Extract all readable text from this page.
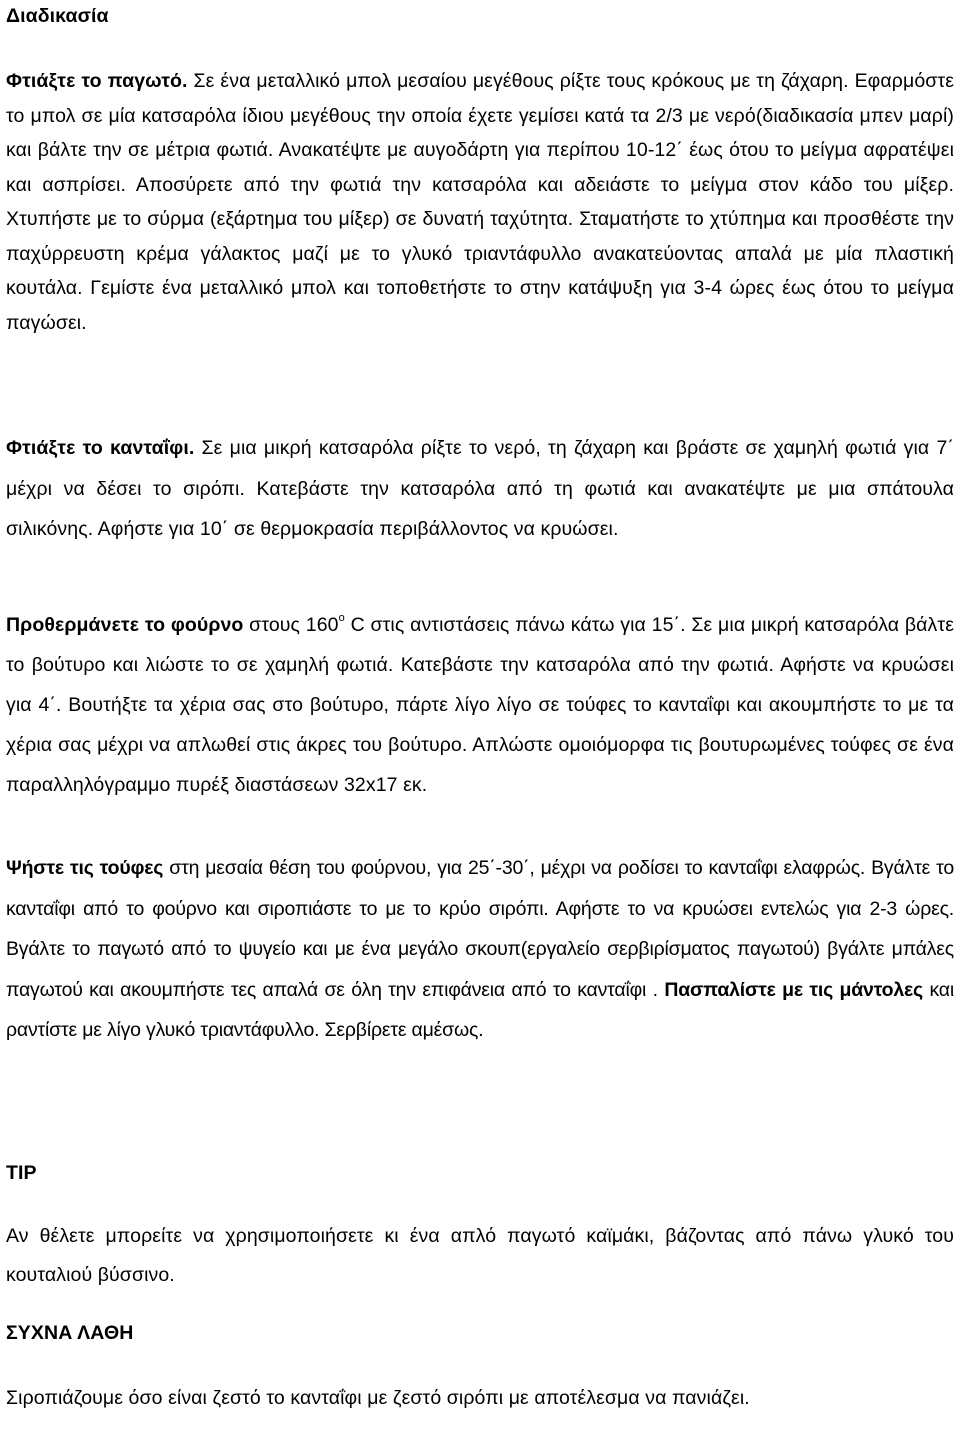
Διαδικασία
Φτιάξτε το παγωτό. Σε ένα μεταλλικό μπολ μεσαίου μεγέθους ρίξτε τους κρόκους με τη ζάχαρη. Εφαρμόστε το μπολ σε μία κατσαρόλα ίδιου μεγέθους την οποία έχετε γεμίσει κατά τα 2/3 με νερό(διαδικασία μπεν μαρί) και βάλτε την σε μέτρια φωτιά. Ανακατέψτε με αυγοδάρτη για περίπου 10-12΄ έως ότου το μείγμα αφρατέψει και ασπρίσει. Αποσύρετε από την φωτιά την κατσαρόλα και αδειάστε το μείγμα στον κάδο του μίξερ. Χτυπήστε με το σύρμα (εξάρτημα του μίξερ) σε δυνατή ταχύτητα. Σταματήστε το χτύπημα και προσθέστε την παχύρρευστη κρέμα γάλακτος μαζί με το γλυκό τριαντάφυλλο ανακατεύοντας απαλά με μία πλαστική κουτάλα. Γεμίστε ένα μεταλλικό μπολ και τοποθετήστε το στην κατάψυξη για 3-4 ώρες έως ότου το μείγμα παγώσει.
Φτιάξτε το κανταΐφι. Σε μια μικρή κατσαρόλα ρίξτε το νερό, τη ζάχαρη και βράστε σε χαμηλή φωτιά για 7΄ μέχρι να δέσει το σιρόπι. Κατεβάστε την κατσαρόλα από τη φωτιά και ανακατέψτε με μια σπάτουλα σιλικόνης. Αφήστε για 10΄ σε θερμοκρασία περιβάλλοντος να κρυώσει.
Προθερμάνετε το φούρνο στους $160^o$ C στις αντιστάσεις πάνω κάτω για 15΄. Σε μια μικρή κατσαρόλα βάλτε το βούτυρο και λιώστε το σε χαμηλή φωτιά. Κατεβάστε την κατσαρόλα από την φωτιά. Αφήστε να κρυώσει για 4΄. Βουτήξτε τα χέρια σας στο βούτυρο, πάρτε λίγο λίγο σε τούφες το κανταΐφι και ακουμπήστε το με τα χέρια σας μέχρι να απλωθεί στις άκρες του βούτυρο. Απλώστε ομοιόμορφα τις βουτυρωμένες τούφες σε ένα παραλληλόγραμμο πυρέξ διαστάσεων 32x17 εκ.
Ψήστε τις τούφες στη μεσαία θέση του φούρνου, για 25΄-30΄, μέχρι να ροδίσει το κανταΐφι ελαφρώς. Βγάλτε το κανταΐφι από το φούρνο και σιροπιάστε το με το κρύο σιρόπι. Αφήστε το να κρυώσει εντελώς για 2-3 ώρες. Βγάλτε το παγωτό από το ψυγείο και με ένα μεγάλο σκουπ(εργαλείο σερβιρίσματος παγωτού) βγάλτε μπάλες παγωτού και ακουμπήστε τες απαλά σε όλη την επιφάνεια από το κανταΐφι . Πασπαλίστε με τις μάντολες και ραντίστε με λίγο γλυκό τριαντάφυλλο. Σερβίρετε αμέσως.
TIP
Αν θέλετε μπορείτε να χρησιμοποιήσετε κι ένα απλό παγωτό καϊμάκι, βάζοντας από πάνω γλυκό του κουταλιού βύσσινο.
ΣΥΧΝΑ ΛΑΘΗ
Σιροπιάζουμε όσο είναι ζεστό το κανταΐφι με ζεστό σιρόπι με αποτέλεσμα να πανιάζει.
